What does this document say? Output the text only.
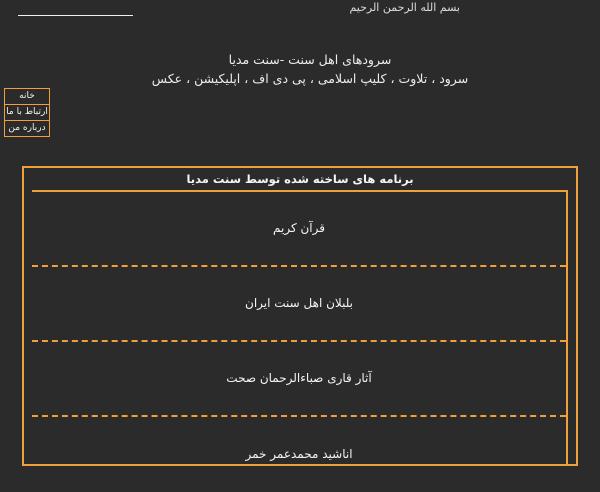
بسم الله الرحمن الرحيم
سرودهای اهل سنت -سنت مدیا
سرود ، تلاوت ، کلیپ اسلامی ، پی دی اف ، اپلیکیشن ، عکس
خانه
ارتباط با ما
درباره من
برنامه های ساخته شده توسط سنت مدیا
قرآن کریم
بلبلان اهل سنت ایران
آثار قاری صباءالرحمان صحت
اناشید محمدعمر خمر
